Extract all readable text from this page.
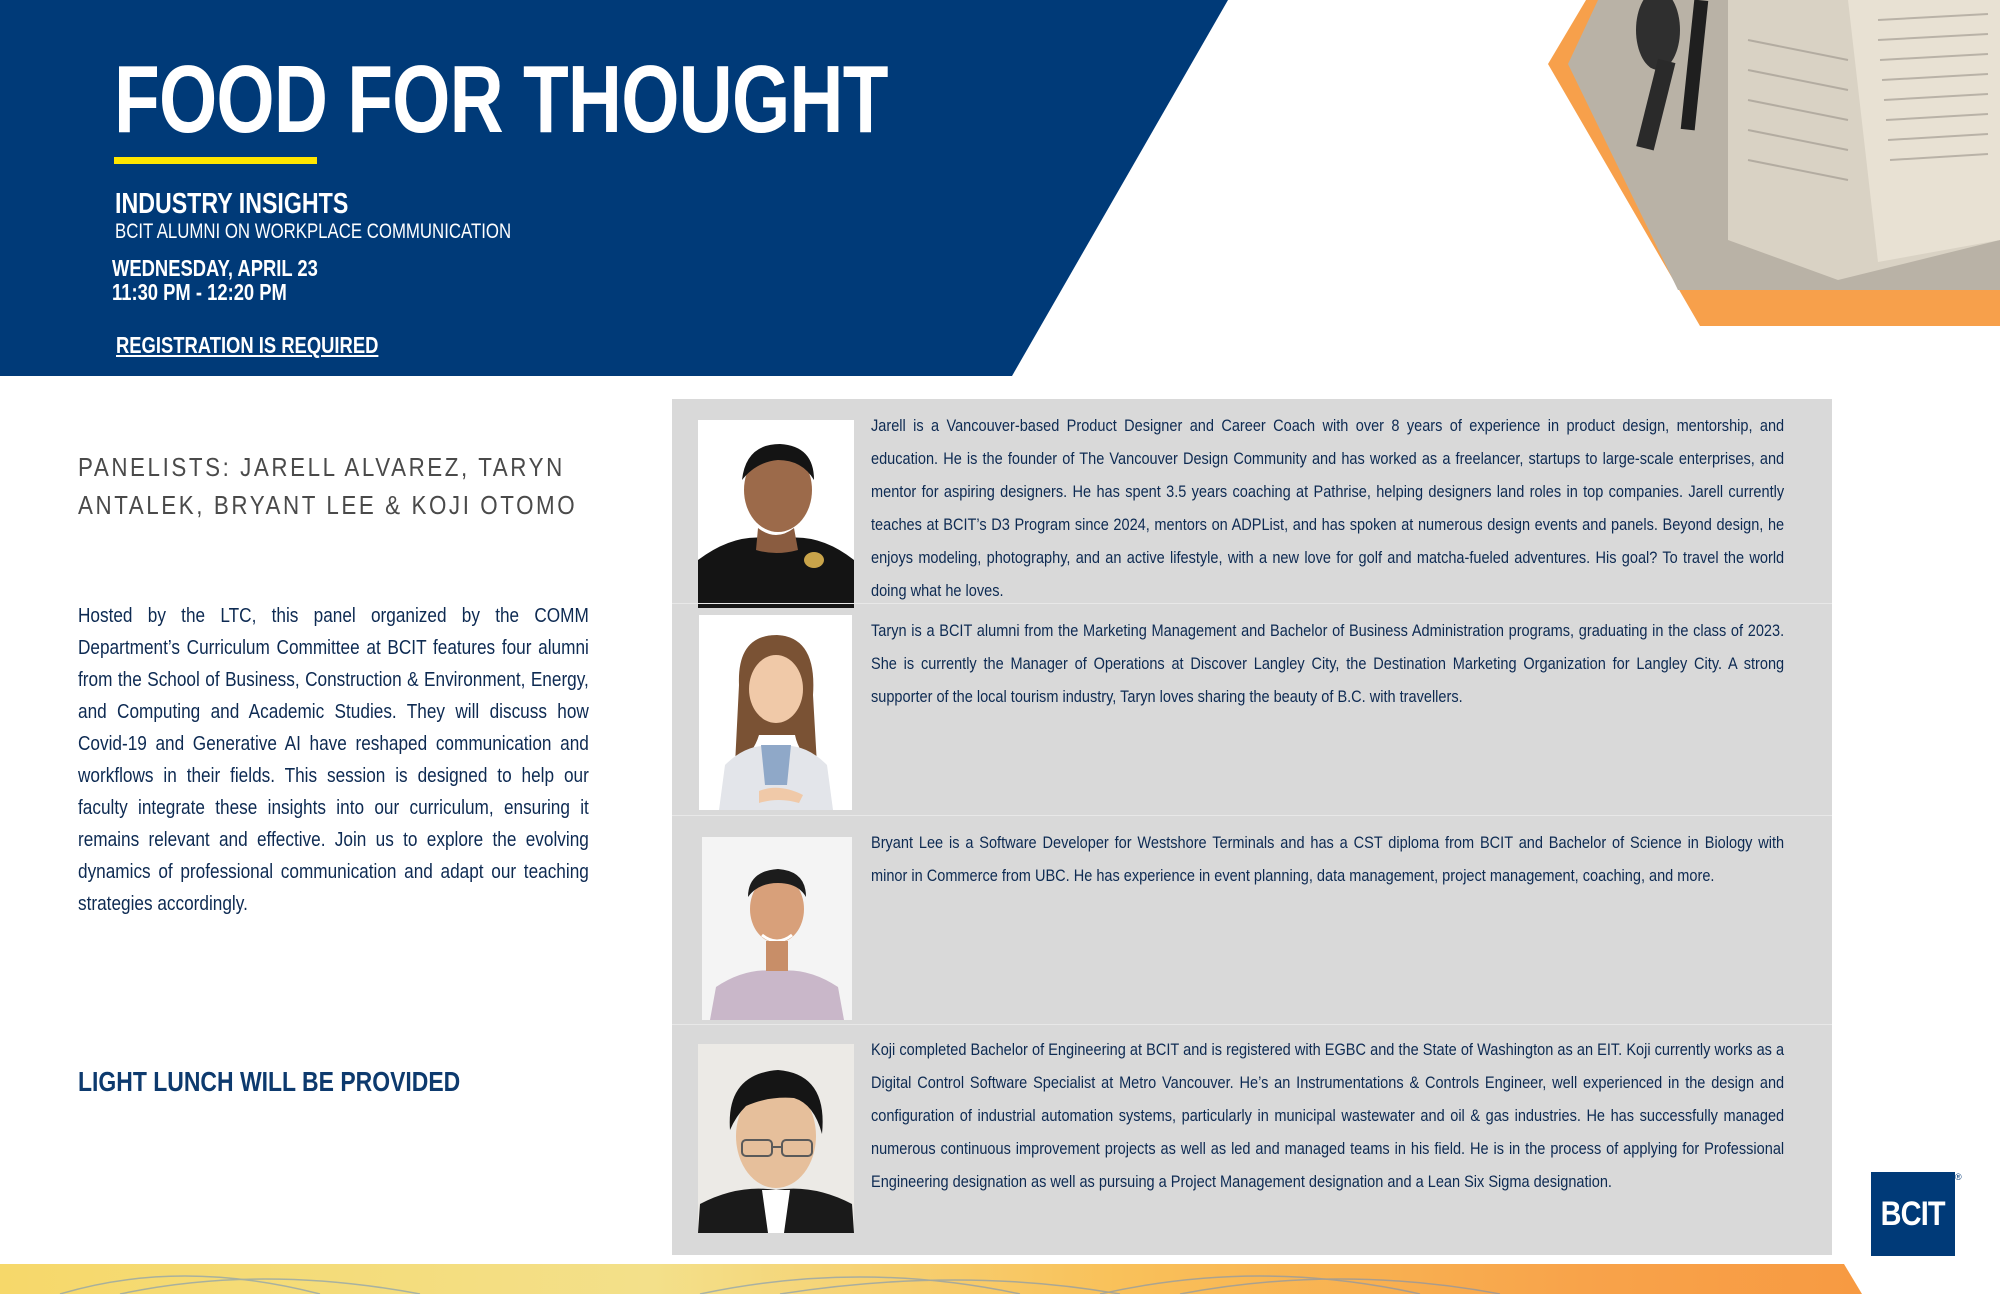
FOOD FOR THOUGHT
INDUSTRY INSIGHTS
BCIT ALUMNI ON WORKPLACE COMMUNICATION
WEDNESDAY, APRIL 23
11:30 PM - 12:20 PM
REGISTRATION IS REQUIRED
PANELISTS: JARELL ALVAREZ, TARYN ANTALEK, BRYANT LEE & KOJI OTOMO
Hosted by the LTC, this panel organized by the COMM Department’s Curriculum Committee at BCIT features four alumni from the School of Business, Construction & Environment, Energy, and Computing and Academic Studies. They will discuss how Covid-19 and Generative AI have reshaped communication and workflows in their fields. This session is designed to help our faculty integrate these insights into our curriculum, ensuring it remains relevant and effective. Join us to explore the evolving dynamics of professional communication and adapt our teaching strategies accordingly.
LIGHT LUNCH WILL BE PROVIDED
Jarell is a Vancouver-based Product Designer and Career Coach with over 8 years of experience in product design, mentorship, and education. He is the founder of The Vancouver Design Community and has worked as a freelancer, startups to large-scale enterprises, and mentor for aspiring designers. He has spent 3.5 years coaching at Pathrise, helping designers land roles in top companies. Jarell currently teaches at BCIT’s D3 Program since 2024, mentors on ADPList, and has spoken at numerous design events and panels. Beyond design, he enjoys modeling, photography, and an active lifestyle, with a new love for golf and matcha-fueled adventures. His goal? To travel the world doing what he loves.
Taryn is a BCIT alumni from the Marketing Management and Bachelor of Business Administration programs, graduating in the class of 2023. She is currently the Manager of Operations at Discover Langley City, the Destination Marketing Organization for Langley City. A strong supporter of the local tourism industry, Taryn loves sharing the beauty of B.C. with travellers.
Bryant Lee is a Software Developer for Westshore Terminals and has a CST diploma from BCIT and Bachelor of Science in Biology with minor in Commerce from UBC. He has experience in event planning, data management, project management, coaching, and more.
Koji completed Bachelor of Engineering at BCIT and is registered with EGBC and the State of Washington as an EIT. Koji currently works as a Digital Control Software Specialist at Metro Vancouver. He’s an Instrumentations & Controls Engineer, well experienced in the design and configuration of industrial automation systems, particularly in municipal wastewater and oil & gas industries. He has successfully managed numerous continuous improvement projects as well as led and managed teams in his field. He is in the process of applying for Professional Engineering designation as well as pursuing a Project Management designation and a Lean Six Sigma designation.
BCIT
®
